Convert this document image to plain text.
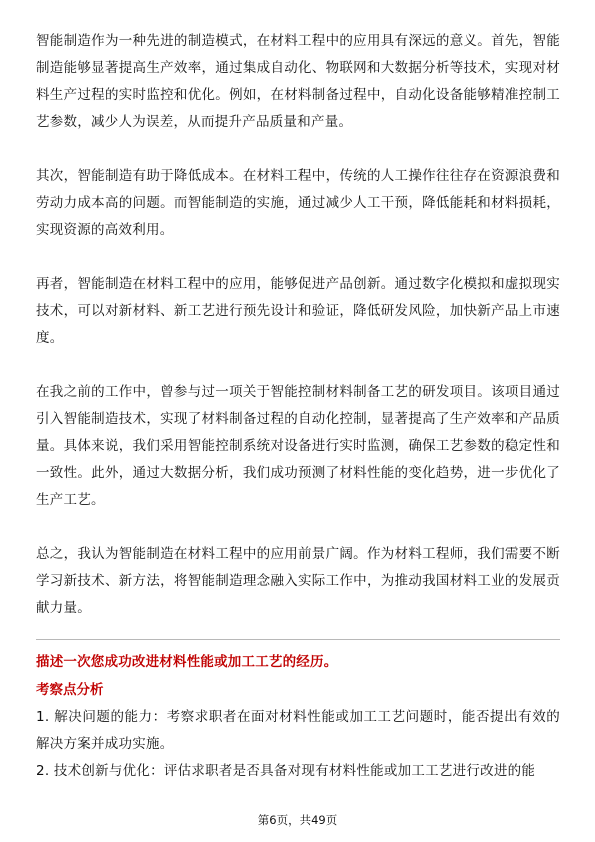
智能制造作为一种先进的制造模式，在材料工程中的应用具有深远的意义。首先，智能制造能够显著提高生产效率，通过集成自动化、物联网和大数据分析等技术，实现对材料生产过程的实时监控和优化。例如，在材料制备过程中，自动化设备能够精准控制工艺参数，减少人为误差，从而提升产品质量和产量。

其次，智能制造有助于降低成本。在材料工程中，传统的人工操作往往存在资源浪费和劳动力成本高的问题。而智能制造的实施，通过减少人工干预，降低能耗和材料损耗，实现资源的高效利用。

再者，智能制造在材料工程中的应用，能够促进产品创新。通过数字化模拟和虚拟现实技术，可以对新材料、新工艺进行预先设计和验证，降低研发风险，加快新产品上市速度。

在我之前的工作中，曾参与过一项关于智能控制材料制备工艺的研发项目。该项目通过引入智能制造技术，实现了材料制备过程的自动化控制，显著提高了生产效率和产品质量。具体来说，我们采用智能控制系统对设备进行实时监测，确保工艺参数的稳定性和一致性。此外，通过大数据分析，我们成功预测了材料性能的变化趋势，进一步优化了生产工艺。

总之，我认为智能制造在材料工程中的应用前景广阔。作为材料工程师，我们需要不断学习新技术、新方法，将智能制造理念融入实际工作中，为推动我国材料工业的发展贡献力量。

描述一次您成功改进材料性能或加工工艺的经历。

考察点分析

1. 解决问题的能力：考察求职者在面对材料性能或加工工艺问题时，能否提出有效的解决方案并成功实施。

2. 技术创新与优化：评估求职者是否具备对现有材料性能或加工工艺进行改进的能

第6页，共49页
